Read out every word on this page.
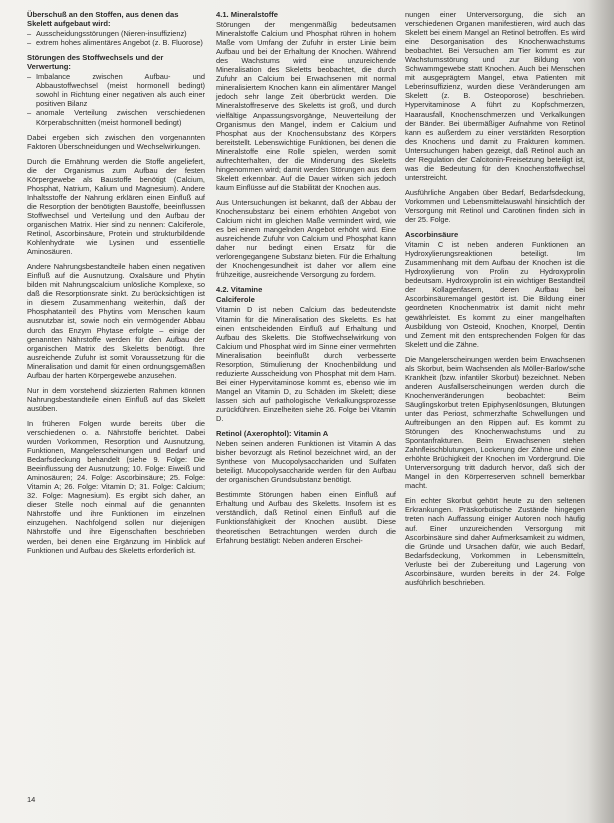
Überschuß an den Stoffen, aus denen das Skelett aufgebaut wird:
– Ausscheidungsstörungen (Nieren-insuffizienz)
– extrem hohes alimentäres Angebot (z. B. Fluorose)
Störungen des Stoffwechsels und der Verwertung:
– Imbalance zwischen Aufbau- und Abbaustoffwechsel (meist hormonell bedingt) sowohl in Richtung einer negativen als auch einer positiven Bilanz
– anomale Verteilung zwischen verschiedenen Körperabschnitten (meist hormonell bedingt)

Dabei ergeben sich zwischen den vorgenannten Faktoren Überschneidungen und Wechselwirkungen.

Durch die Ernährung werden die Stoffe angeliefert, die der Organismus zum Aufbau der festen Körpergewebe als Baustoffe benötigt (Calcium, Phosphat, Natrium, Kalium und Magnesium). Andere Inhaltsstoffe der Nahrung erklären einen Einfluß auf die Resorption der benötigten Baustoffe, beeinflussen Stoffwechsel und Verteilung und den Aufbau der organischen Matrix. Hier sind zu nennen: Calciferole, Retinol, Ascorbinsäure, Protein und strukturbildende Kohlenhydrate wie Lysinen und essentielle Aminosäuren.

Andere Nahrungsbestandteile haben einen negativen Einfluß auf die Ausnutzung. Oxalsäure und Phytin bilden mit Nahrungscalcium unlösliche Komplexe, so daß die Resorptionsrate sinkt. Zu berücksichtigen ist in diesem Zusammenhang weiterhin, daß der Phosphatanteil des Phytins vom Menschen kaum ausnutzbar ist, sowie noch ein vermögender Abbau durch das Enzym Phytase erfolgte – einige der genannten Nährstoffe werden für den Aufbau der organischen Matrix des Skeletts benötigt. Ihre ausreichende Zufuhr ist somit Voraussetzung für die Mineralisation und damit für einen ordnungsgemäßen Aufbau der harten Körpergewebe anzusehen.

Nur in dem vorstehend skizzierten Rahmen können Nahrungsbestandteile einen Einfluß auf das Skelett ausüben.

In früheren Folgen wurde bereits über die verschiedenen o. a. Nährstoffe berichtet. Dabei wurden Vorkommen, Resorption und Ausnutzung, Funktionen, Mangelerscheinungen und Bedarf und Bedarfsdeckung behandelt (siehe 9. Folge: Die Beeinflussung der Ausnutzung; 10. Folge: Eiweiß und Aminosäuren; 24. Folge: Ascorbinsäure; 25. Folge: Vitamin A; 26. Folge: Vitamin D; 31. Folge: Calcium; 32. Folge: Magnesium). Es ergibt sich daher, an dieser Stelle noch einmal auf die genannten Nährstoffe und ihre Funktionen im einzelnen einzugehen. Nachfolgend sollen nur diejenigen Nährstoffe und ihre Eigenschaften beschrieben werden, bei denen eine Ergänzung im Hinblick auf Funktionen und Aufbau des Skeletts erforderlich ist.

4.1. Mineralstoffe

Störungen der mengenmäßig bedeutsamen Mineralstoffe Calcium und Phosphat rühren in hohem Maße vom Umfang der Zufuhr in erster Linie beim Aufbau und bei der Erhaltung der Knochen. Während des Wachstums wird eine unzureichende Mineralisation des Skeletts beobachtet, die durch Zufuhr an Calcium bei Erwachsenen mit normal mineralisiertem Knochen kann ein alimentärer Mangel jedoch sehr lange Zeit überbrückt werden. Die Mineralstoffreserve des Skeletts ist groß, und durch vielfältige Anpassungsvorgänge, Neuverteilung der Organismus den Mangel, indem er Calcium und Phosphat aus der Knochensubstanz des Körpers bereitstellt. Lebenswichtige Funktionen, bei denen die Mineralstoffe eine Rolle spielen, werden somit aufrechterhalten, der die Minderung des Skeletts hingenommen wird; damit werden Störungen aus dem Skelett erkennbar. Auf die Dauer wirken sich jedoch kaum Einflüsse auf die Stabilität der Knochen aus.

Aus Untersuchungen ist bekannt, daß der Abbau der Knochensubstanz bei einem erhöhten Angebot von Calcium nicht im gleichen Maße vermindert wird, wie es bei einem mangelnden Angebot erhöht wird. Eine ausreichende Zufuhr von Calcium und Phosphat kann daher nur bedingt einen Ersatz für die verlorengegangene Substanz bieten. Für die Erhaltung der Knochengesundheit ist daher vor allem eine frühzeitige, ausreichende Versorgung zu fordern.

4.2. Vitamine
Calciferole

Vitamin D ist neben Calcium das bedeutendste Vitamin für die Mineralisation des Skeletts. Es hat einen entscheidenden Einfluß auf Erhaltung und Aufbau des Skeletts. Die Stoffwechselwirkung von Calcium und Phosphat wird im Sinne einer vermehrten Mineralisation beeinflußt durch verbesserte Resorption, Stimulierung der Knochenbildung und reduzierte Ausscheidung von Phosphat mit dem Harn. Bei einer Hypervitaminose kommt es, ebenso wie im Mangel an Vitamin D, zu Schäden im Skelett; diese lassen sich auf pathologische Verkalkungsprozesse zurückführen. Einzelheiten siehe 26. Folge bei Vitamin D.

Retinol (Axerophtol): Vitamin A

Neben seinen anderen Funktionen ist Vitamin A das bisher bevorzugt als Retinol bezeichnet wird, an der Synthese von Mucopolysacchariden und Sulfaten beteiligt. Mucopolysaccharide werden für den Aufbau der organischen Grundsubstanz benötigt.

Bestimmte Störungen haben einen Einfluß auf Erhaltung und Aufbau des Skeletts. Insofern ist es verständlich, daß Retinol einen Einfluß auf die Funktionsfähigkeit der Knochen ausübt. Diese theoretischen Betrachtungen werden durch die Erfahrung bestätigt: Neben anderen Erschei-

nungen einer Unterversorgung, die sich an verschiedenen Organen manifestieren, wird auch das Skelett bei einem Mangel an Retinol betroffen. Es wird eine Desorganisation des Knochenwachstums beobachtet. Bei Versuchen am Tier kommt es zur Wachstumsstörung und zur Bildung von Schwammgewebe statt Knochen. Auch bei Menschen mit ausgeprägtem Mangel, etwa Patienten mit Leberinsuffizienz, wurden diese Veränderungen am Skelett (z. B. Osteoporose) beschrieben. Hypervitaminose A führt zu Kopfschmerzen, Haarausfall, Knochenschmerzen und Verkalkungen der Bänder. Bei übermäßiger Aufnahme von Retinol kann es außerdem zu einer verstärkten Resorption des Knochens und damit zu Frakturen kommen. Untersuchungen haben gezeigt, daß Retinol auch an der Regulation der Calcitonin-Freisetzung beteiligt ist, was die Bedeutung für den Knochenstoffwechsel unterstreicht.

Ausführliche Angaben über Bedarf, Bedarfsdeckung, Vorkommen und Lebensmittelauswahl hinsichtlich der Versorgung mit Retinol und Carotinen finden sich in der 25. Folge.

Ascorbinsäure

Vitamin C ist neben anderen Funktionen an Hydroxylierungsreaktionen beteiligt. Im Zusammenhang mit dem Aufbau der Knochen ist die Hydroxylierung von Prolin zu Hydroxyprolin bedeutsam. Hydroxyprolin ist ein wichtiger Bestandteil der Kollagenfasern, deren Aufbau bei Ascorbinsäuremangel gestört ist. Die Bildung einer geordneten Knochenmatrix ist damit nicht mehr gewährleistet. Es kommt zu einer mangelhaften Ausbildung von Osteoid, Knochen, Knorpel, Dentin und Zement mit den entsprechenden Folgen für das Skelett und die Zähne.

Die Mangelerscheinungen werden beim Erwachsenen als Skorbut, beim Wachsenden als Möller-Barlow'sche Krankheit (bzw. infantiler Skorbut) bezeichnet. Neben anderen Ausfallserscheinungen werden durch die Knochenveränderungen beobachtet: Beim Säuglingskorbut treten Epiphysenlösungen, Blutungen unter das Periost, schmerzhafte Schwellungen und Auftreibungen an den Rippen auf. Es kommt zu Störungen des Knochenwachstums und zu Spontanfrakturen. Beim Erwachsenen stehen Zahnfleischblutungen, Lockerung der Zähne und eine erhöhte Brüchigkeit der Knochen im Vordergrund. Die Unterversorgung tritt dadurch hervor, daß sich der Mangel in den Körperreserven schnell bemerkbar macht.

Ein echter Skorbut gehört heute zu den seltenen Erkrankungen. Präskorbutische Zustände hingegen treten nach Auffassung einiger Autoren noch häufig auf. Einer unzureichenden Versorgung mit Ascorbinsäure sind daher Aufmerksamkeit zu widmen, die Gründe und Ursachen dafür, wie auch Bedarf, Bedarfsdeckung, Vorkommen in Lebensmitteln, Verluste bei der Zubereitung und Lagerung von Ascorbinsäure, wurden bereits in der 24. Folge ausführlich beschrieben.

14
